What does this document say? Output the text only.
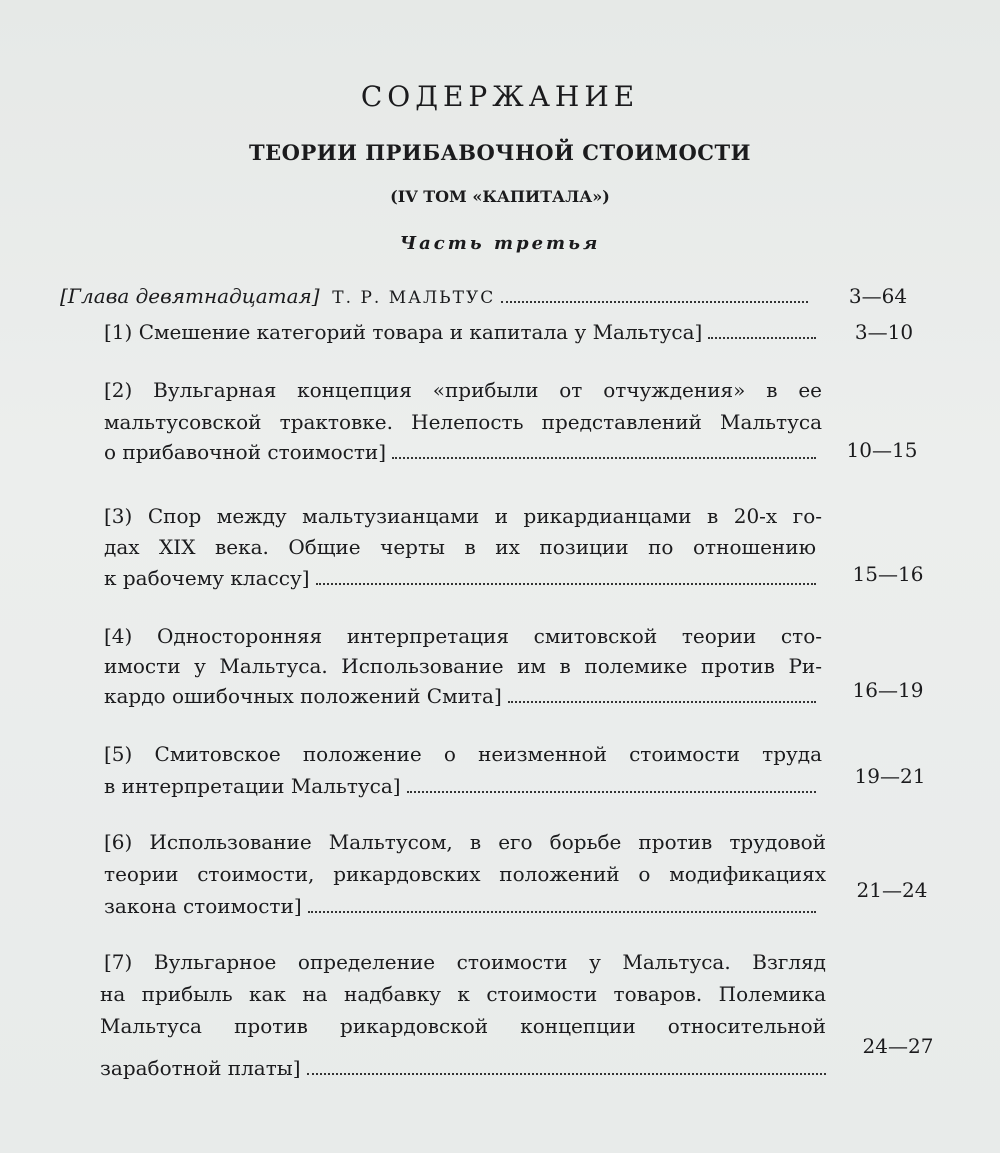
СОДЕРЖАНИЕ
ТЕОРИИ ПРИБАВОЧНОЙ СТОИМОСТИ
(IV ТОМ «КАПИТАЛА»)
Часть третья
[Глава девятнадцатая] Т. Р. МАЛЬТУС	3—64
[1) Смешение категорий товара и капитала у Мальтуса]	3—10
[2) Вульгарная концепция «прибыли от отчуждения» в ее
мальтусовской трактовке. Нелепость представлений Мальтуса
о прибавочной стоимости]	10—15
[3) Спор между мальтузианцами и рикардианцами в 20-х го-
дах XIX века. Общие черты в их позиции по отношению
к рабочему классу]	15—16
[4) Односторонняя интерпретация смитовской теории сто-
имости у Мальтуса. Использование им в полемике против Ри-
кардо ошибочных положений Смита]	16—19
[5) Смитовское положение о неизменной стоимости труда
в интерпретации Мальтуса]	19—21
[6) Использование Мальтусом, в его борьбе против трудовой
теории стоимости, рикардовских положений о модификациях
закона стоимости]
21—24
[7) Вульгарное определение стоимости у Мальтуса. Взгляд
на прибыль как на надбавку к стоимости товаров. Полемика
Мальтуса против рикардовской концепции относительной
заработной платы]
24—27
